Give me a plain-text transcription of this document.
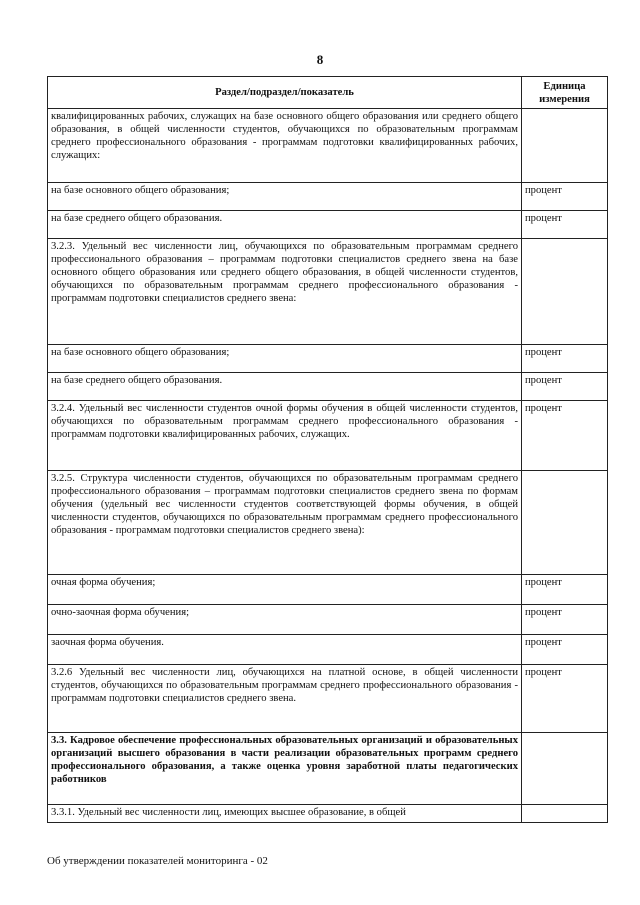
8
Раздел/подраздел/показатель	Единица измерения
квалифицированных рабочих, служащих на базе основного общего образования или среднего общего образования, в общей численности студентов, обучающихся по образовательным программам среднего профессионального образования - программам подготовки квалифицированных рабочих, служащих:	
на базе основного общего образования;	процент
на базе среднего общего образования.	процент
3.2.3. Удельный вес численности лиц, обучающихся по образовательным программам среднего профессионального образования – программам подготовки специалистов среднего звена на базе основного общего образования или среднего общего образования, в общей численности студентов, обучающихся по образовательным программам среднего профессионального образования - программам подготовки специалистов среднего звена:	
на базе основного общего образования;	процент
на базе среднего общего образования.	процент
3.2.4. Удельный вес численности студентов очной формы обучения в общей численности студентов, обучающихся по образовательным программам среднего профессионального образования - программам подготовки квалифицированных рабочих, служащих.	процент
3.2.5. Структура численности студентов, обучающихся по образовательным программам среднего профессионального образования – программам подготовки специалистов среднего звена по формам обучения (удельный вес численности студентов соответствующей формы обучения, в общей численности студентов, обучающихся по образовательным программам среднего профессионального образования - программам подготовки специалистов среднего звена):	
очная форма обучения;	процент
очно-заочная форма обучения;	процент
заочная форма обучения.	процент
3.2.6 Удельный вес численности лиц, обучающихся на платной основе, в общей численности студентов, обучающихся по образовательным программам среднего профессионального образования - программам подготовки специалистов среднего звена.	процент
3.3. Кадровое обеспечение профессиональных образовательных организаций и образовательных организаций высшего образования в части реализации образовательных программ среднего профессионального образования, а также оценка уровня заработной платы педагогических работников	
3.3.1. Удельный вес численности лиц, имеющих высшее образование, в общей	
Об утверждении показателей мониторинга - 02
